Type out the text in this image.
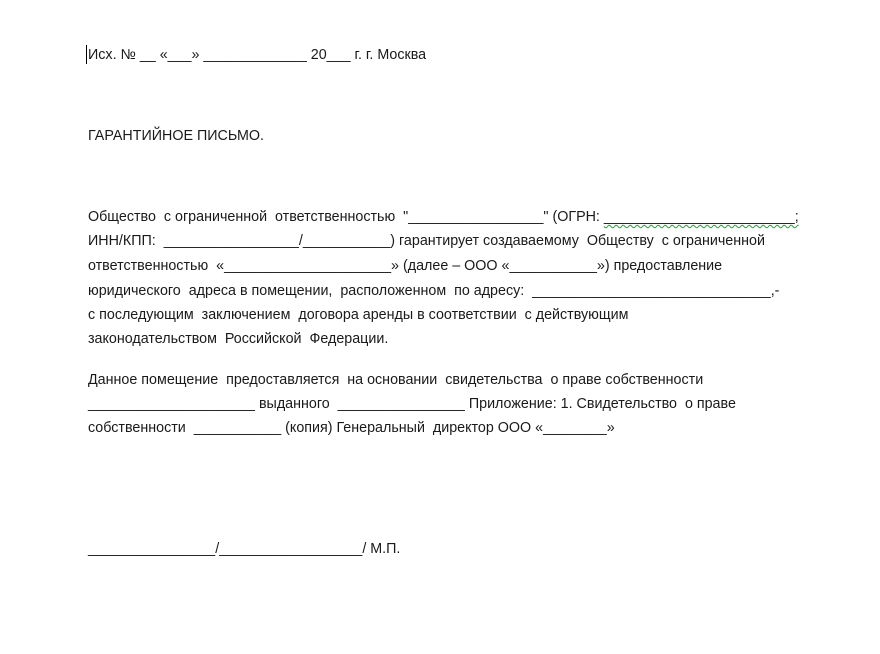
Исх. № __ «___» _____________ 20___ г. г. Москва
ГАРАНТИЙНОЕ ПИСЬМО.
Общество  с ограниченной  ответственностью  "_________________" (ОГРН: ________________________;
ИНН/КПП:  _________________/___________) гарантирует создаваемому  Обществу  с ограниченной
ответственностью  «_____________________» (далее – ООО «___________») предоставление
юридического  адреса в помещении,  расположенном  по адресу:  ______________________________,-
с последующим  заключением  договора аренды в соответствии  с действующим
законодательством  Российской  Федерации.
Данное помещение  предоставляется  на основании  свидетельства  о праве собственности
_____________________ выданного  ________________ Приложение: 1. Свидетельство  о праве
собственности  ___________ (копия) Генеральный  директор ООО «________»
________________/__________________/ М.П.
